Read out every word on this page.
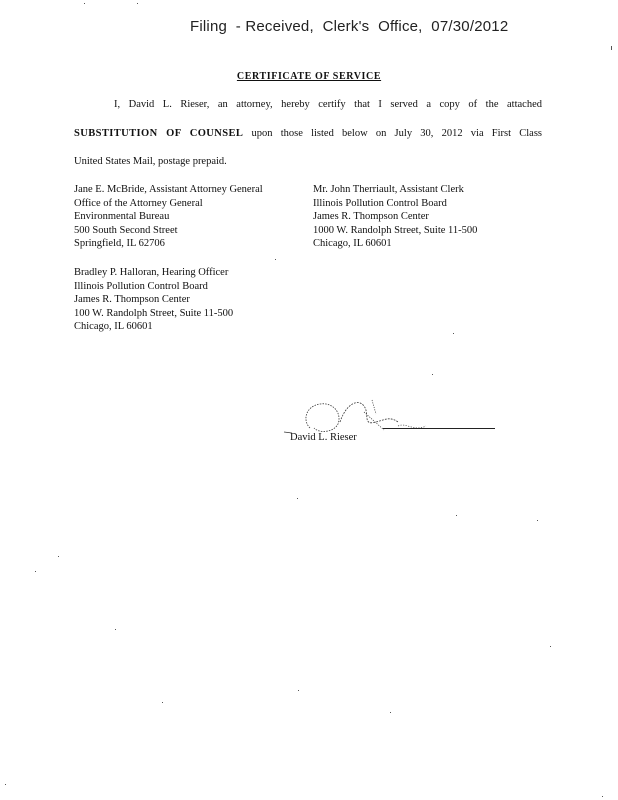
Filing  - Received,  Clerk's  Office,  07/30/2012
CERTIFICATE OF SERVICE
I, David L. Rieser, an attorney, hereby certify that I served a copy of the attached
SUBSTITUTION OF COUNSEL upon those listed below on July 30, 2012 via First Class
United States Mail, postage prepaid.
Jane E. McBride, Assistant Attorney General
Office of the Attorney General
Environmental Bureau
500 South Second Street
Springfield, IL 62706
Mr. John Therriault, Assistant Clerk
Illinois Pollution Control Board
James R. Thompson Center
1000 W. Randolph Street, Suite 11-500
Chicago, IL 60601
Bradley P. Halloran, Hearing Officer
Illinois Pollution Control Board
James R. Thompson Center
100 W. Randolph Street, Suite 11-500
Chicago, IL 60601
David L. Rieser
